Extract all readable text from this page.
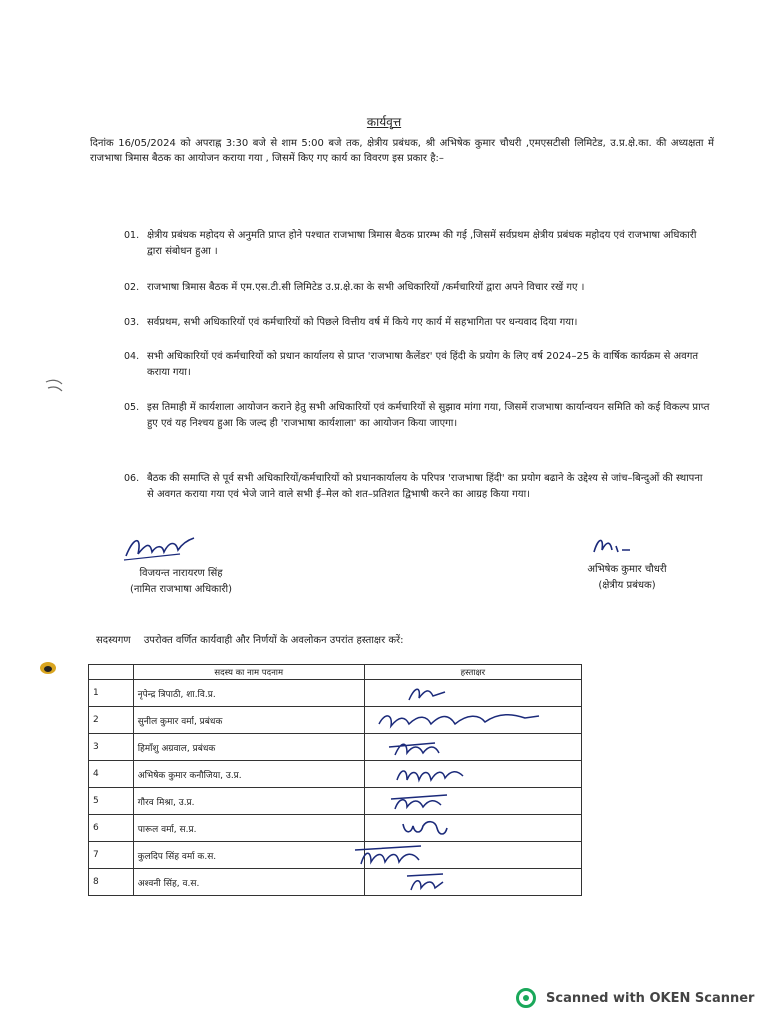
कार्यवृत्त
दिनांक 16/05/2024 को अपराह्न 3:30 बजे से शाम 5:00 बजे तक, क्षेत्रीय प्रबंधक, श्री अभिषेक कुमार चौधरी ,एमएसटीसी लिमिटेड, उ.प्र.क्षे.का. की अध्यक्षता में राजभाषा त्रिमास बैठक का आयोजन कराया गया , जिसमें किए गए कार्य का विवरण इस प्रकार है:–
01. क्षेत्रीय प्रबंधक महोदय से अनुमति प्राप्त होने पश्चात राजभाषा त्रिमास बैठक प्रारम्भ की गई ,जिसमें सर्वप्रथम क्षेत्रीय प्रबंधक महोदय एवं राजभाषा अधिकारी द्वारा संबोधन हुआ ।
02. राजभाषा त्रिमास बैठक में एम.एस.टी.सी लिमिटेड उ.प्र.क्षे.का के सभी अधिकारियों /कर्मचारियों द्वारा अपने विचार रखें गए ।
03. सर्वप्रथम, सभी अधिकारियों एवं कर्मचारियों को पिछले वित्तीय वर्ष में किये गए कार्य में सहभागिता पर धन्यवाद दिया गया।
04. सभी अधिकारियों एवं कर्मचारियों को प्रधान कार्यालय से प्राप्त 'राजभाषा कैलेंडर' एवं हिंदी के प्रयोग के लिए वर्ष 2024–25 के वार्षिक कार्यक्रम से अवगत कराया गया।
05. इस तिमाही में कार्यशाला आयोजन कराने हेतु सभी अधिकारियों एवं कर्मचारियों से सुझाव मांगा गया, जिसमें राजभाषा कार्यान्वयन समिति को कई विकल्प प्राप्त हुए एवं यह निश्चय हुआ कि जल्द ही 'राजभाषा कार्यशाला' का आयोजन किया जाएगा।
06. बैठक की समाप्ति से पूर्व सभी अधिकारियों/कर्मचारियों को प्रधानकार्यालय के परिपत्र 'राजभाषा हिंदी' का प्रयोग बढाने के उद्देश्य से जांच–बिन्दुओं की स्थापना से अवगत कराया गया एवं भेजे जाने वाले सभी ई–मेल को शत–प्रतिशत द्विभाषी करने का आग्रह किया गया।
विजयन्त नारायरण सिंह
(नामित राजभाषा अधिकारी)
अभिषेक कुमार चौधरी
(क्षेत्रीय प्रबंधक)
सदस्यगण उपरोक्त वर्णित कार्यवाही और निर्णयों के अवलोकन उपरांत हस्ताक्षर करें:
	सदस्य का नाम पदनाम	हस्ताक्षर
1	नृपेन्द्र त्रिपाठी, शा.वि.प्र.	

2	सुनील कुमार वर्मा, प्रबंधक	

3	हिमाँशु अग्रवाल, प्रबंधक	

4	अभिषेक कुमार कनौजिया, उ.प्र.	

5	गौरव मिश्रा, उ.प्र.	

6	पारूल वर्मा, स.प्र.	

7	कुलदिप सिंह वर्मा क.स.	

8	अश्वनी सिंह, व.स.	
Scanned with OKEN Scanner
